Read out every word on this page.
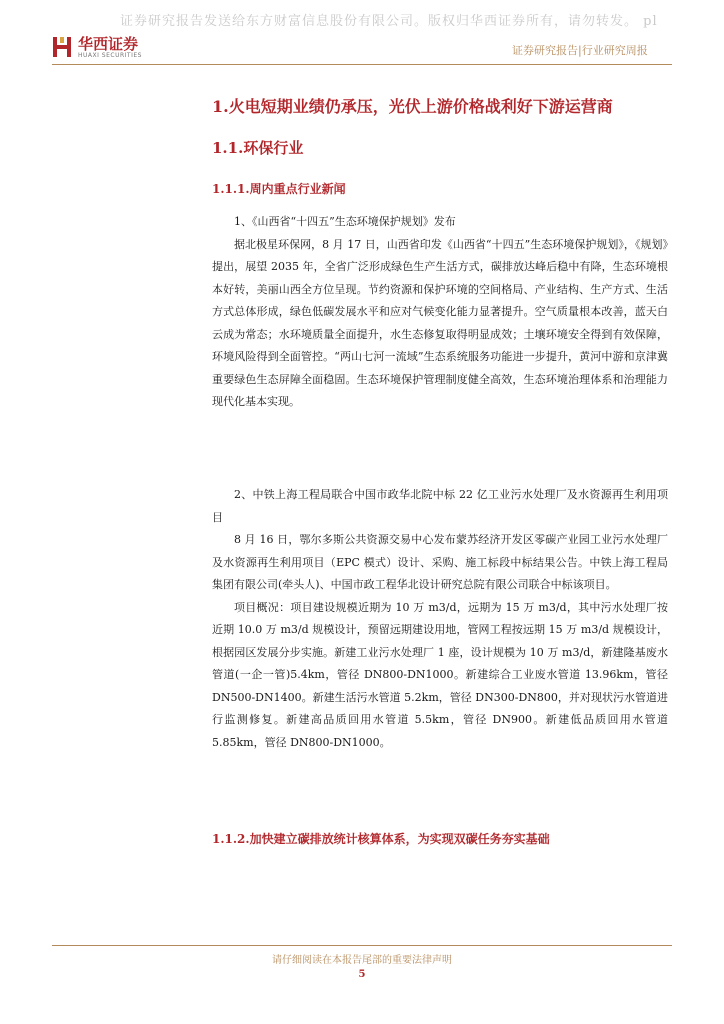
证券研究报告发送给东方财富信息股份有限公司。版权归华西证券所有，请勿转发。 pl
华西证券
HUAXI SECURITIES	证券研究报告|行业研究周报
1.火电短期业绩仍承压，光伏上游价格战利好下游运营商
1.1.环保行业
1.1.1.周内重点行业新闻

1、《山西省“十四五”生态环境保护规划》发布

据北极星环保网，8 月 17 日，山西省印发《山西省“十四五”生态环境保护规划》，《规划》提出，展望 2035 年，全省广泛形成绿色生产生活方式，碳排放达峰后稳中有降，生态环境根本好转，美丽山西全方位呈现。节约资源和保护环境的空间格局、产业结构、生产方式、生活方式总体形成，绿色低碳发展水平和应对气候变化能力显著提升。空气质量根本改善，蓝天白云成为常态；水环境质量全面提升，水生态修复取得明显成效；土壤环境安全得到有效保障，环境风险得到全面管控。“两山七河一流域”生态系统服务功能进一步提升，黄河中游和京津冀重要绿色生态屏障全面稳固。生态环境保护管理制度健全高效，生态环境治理体系和治理能力现代化基本实现。

2、中铁上海工程局联合中国市政华北院中标 22 亿工业污水处理厂及水资源再生利用项目

8 月 16 日，鄂尔多斯公共资源交易中心发布蒙苏经济开发区零碳产业园工业污水处理厂及水资源再生利用项目（EPC 模式）设计、采购、施工标段中标结果公告。中铁上海工程局集团有限公司(牵头人)、中国市政工程华北设计研究总院有限公司联合中标该项目。

项目概况：项目建设规模近期为 10 万 m3/d，远期为 15 万 m3/d，其中污水处理厂按近期 10.0 万 m3/d 规模设计，预留远期建设用地，管网工程按远期 15 万 m3/d 规模设计，根据园区发展分步实施。新建工业污水处理厂 1 座，设计规模为 10 万 m3/d，新建隆基废水管道(一企一管)5.4km，管径 DN800-DN1000。新建综合工业废水管道 13.96km，管径 DN500-DN1400。新建生活污水管道 5.2km，管径 DN300-DN800，并对现状污水管道进行监测修复。新建高品质回用水管道 5.5km，管径 DN900。新建低品质回用水管道 5.85km，管径 DN800-DN1000。

1.1.2.加快建立碳排放统计核算体系，为实现双碳任务夯实基础
请仔细阅读在本报告尾部的重要法律声明
5
